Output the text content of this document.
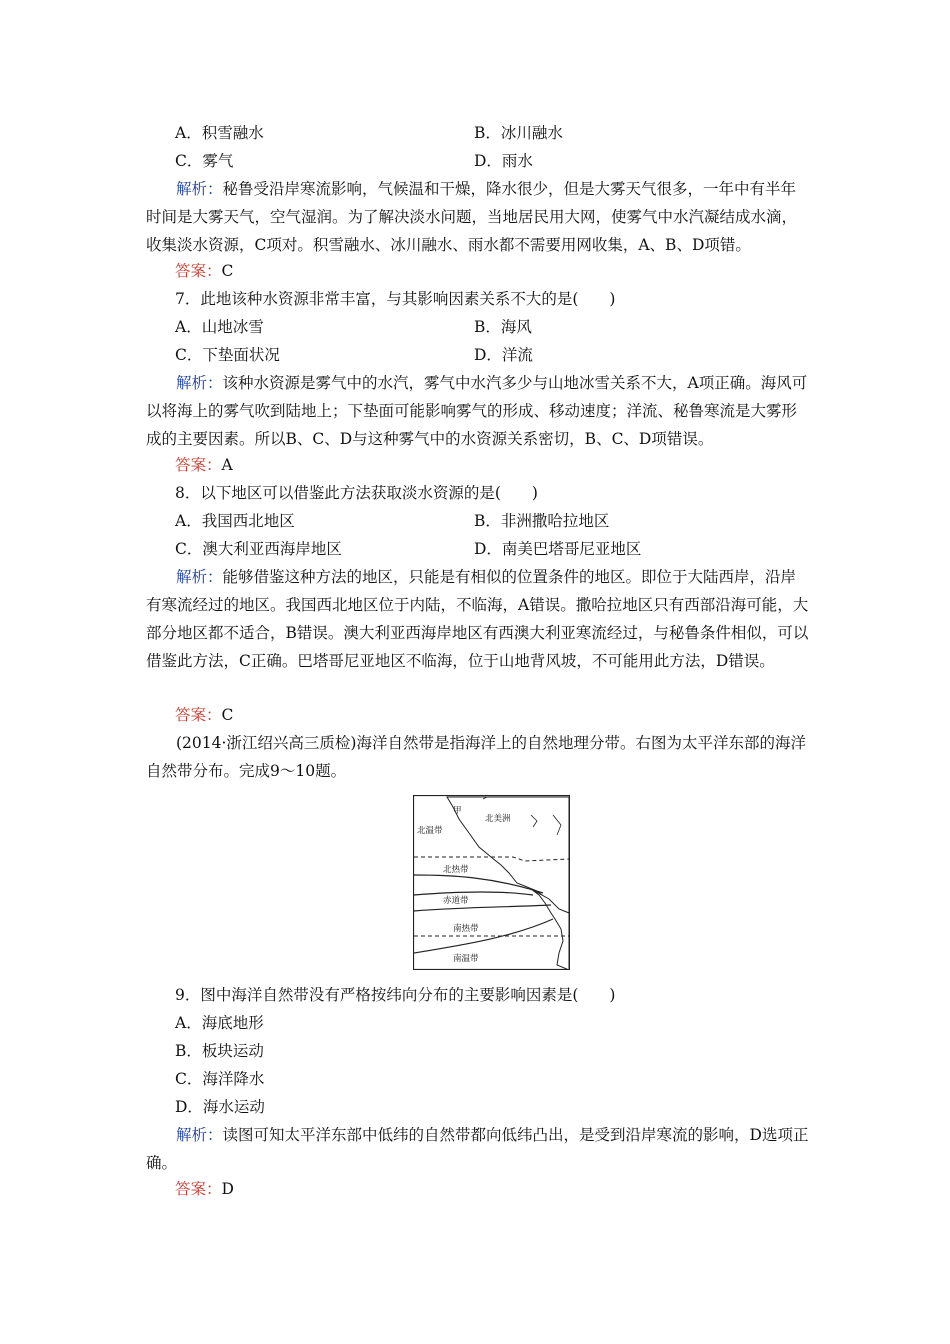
A．积雪融水	B．冰川融水
C．雾气	D．雨水
解析：秘鲁受沿岸寒流影响，气候温和干燥，降水很少，但是大雾天气很多，一年中有半年时间是大雾天气，空气湿润。为了解决淡水问题，当地居民用大网，使雾气中水汽凝结成水滴，收集淡水资源，C项对。积雪融水、冰川融水、雨水都不需要用网收集，A、B、D项错。
答案：C
7．此地该种水资源非常丰富，与其影响因素关系不大的是(　　)
A．山地冰雪	B．海风
C．下垫面状况	D．洋流
解析：该种水资源是雾气中的水汽，雾气中水汽多少与山地冰雪关系不大，A项正确。海风可以将海上的雾气吹到陆地上；下垫面可能影响雾气的形成、移动速度；洋流、秘鲁寒流是大雾形成的主要因素。所以B、C、D与这种雾气中的水资源关系密切，B、C、D项错误。
答案：A
8．以下地区可以借鉴此方法获取淡水资源的是(　　)
A．我国西北地区	B．非洲撒哈拉地区
C．澳大利亚西海岸地区	D．南美巴塔哥尼亚地区
解析：能够借鉴这种方法的地区，只能是有相似的位置条件的地区。即位于大陆西岸，沿岸有寒流经过的地区。我国西北地区位于内陆，不临海，A错误。撒哈拉地区只有西部沿海可能，大部分地区都不适合，B错误。澳大利亚西海岸地区有西澳大利亚寒流经过，与秘鲁条件相似，可以借鉴此方法，C正确。巴塔哥尼亚地区不临海，位于山地背风坡，不可能用此方法，D错误。
答案：C
(2014·浙江绍兴高三质检)海洋自然带是指海洋上的自然地理分带。右图为太平洋东部的海洋自然带分布。完成9～10题。
甲
北美洲
北温带
北热带
赤道带
南热带
南温带
9．图中海洋自然带没有严格按纬向分布的主要影响因素是(　　)
A．海底地形
B．板块运动
C．海洋降水
D．海水运动
解析：读图可知太平洋东部中低纬的自然带都向低纬凸出，是受到沿岸寒流的影响，D选项正确。
答案：D
